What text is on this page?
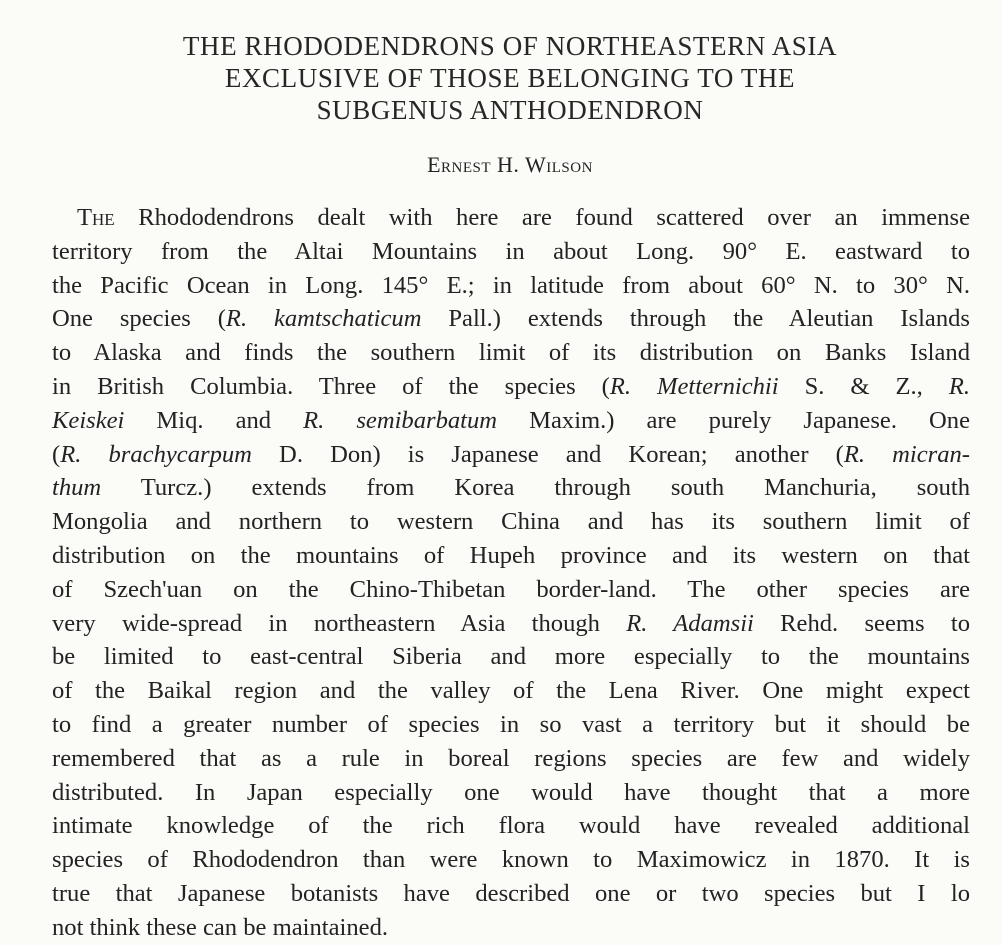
THE RHODODENDRONS OF NORTHEASTERN ASIA
EXCLUSIVE OF THOSE BELONGING TO THE
SUBGENUS ANTHODENDRON
Ernest H. Wilson
The Rhododendrons dealt with here are found scattered over an immense
territory from the Altai Mountains in about Long. 90° E. eastward to
the Pacific Ocean in Long. 145° E.; in latitude from about 60° N. to 30° N.
One species (R. kamtschaticum Pall.) extends through the Aleutian Islands
to Alaska and finds the southern limit of its distribution on Banks Island
in British Columbia. Three of the species (R. Metternichii S. & Z., R.
Keiskei Miq. and R. semibarbatum Maxim.) are purely Japanese. One
(R. brachycarpum D. Don) is Japanese and Korean; another (R. micran-
thum Turcz.) extends from Korea through south Manchuria, south
Mongolia and northern to western China and has its southern limit of
distribution on the mountains of Hupeh province and its western on that
of Szech'uan on the Chino-Thibetan border-land. The other species are
very wide-spread in northeastern Asia though R. Adamsii Rehd. seems to
be limited to east-central Siberia and more especially to the mountains
of the Baikal region and the valley of the Lena River. One might expect
to find a greater number of species in so vast a territory but it should be
remembered that as a rule in boreal regions species are few and widely
distributed. In Japan especially one would have thought that a more
intimate knowledge of the rich flora would have revealed additional
species of Rhododendron than were known to Maximowicz in 1870. It is
true that Japanese botanists have described one or two species but I lo
not think these can be maintained.
